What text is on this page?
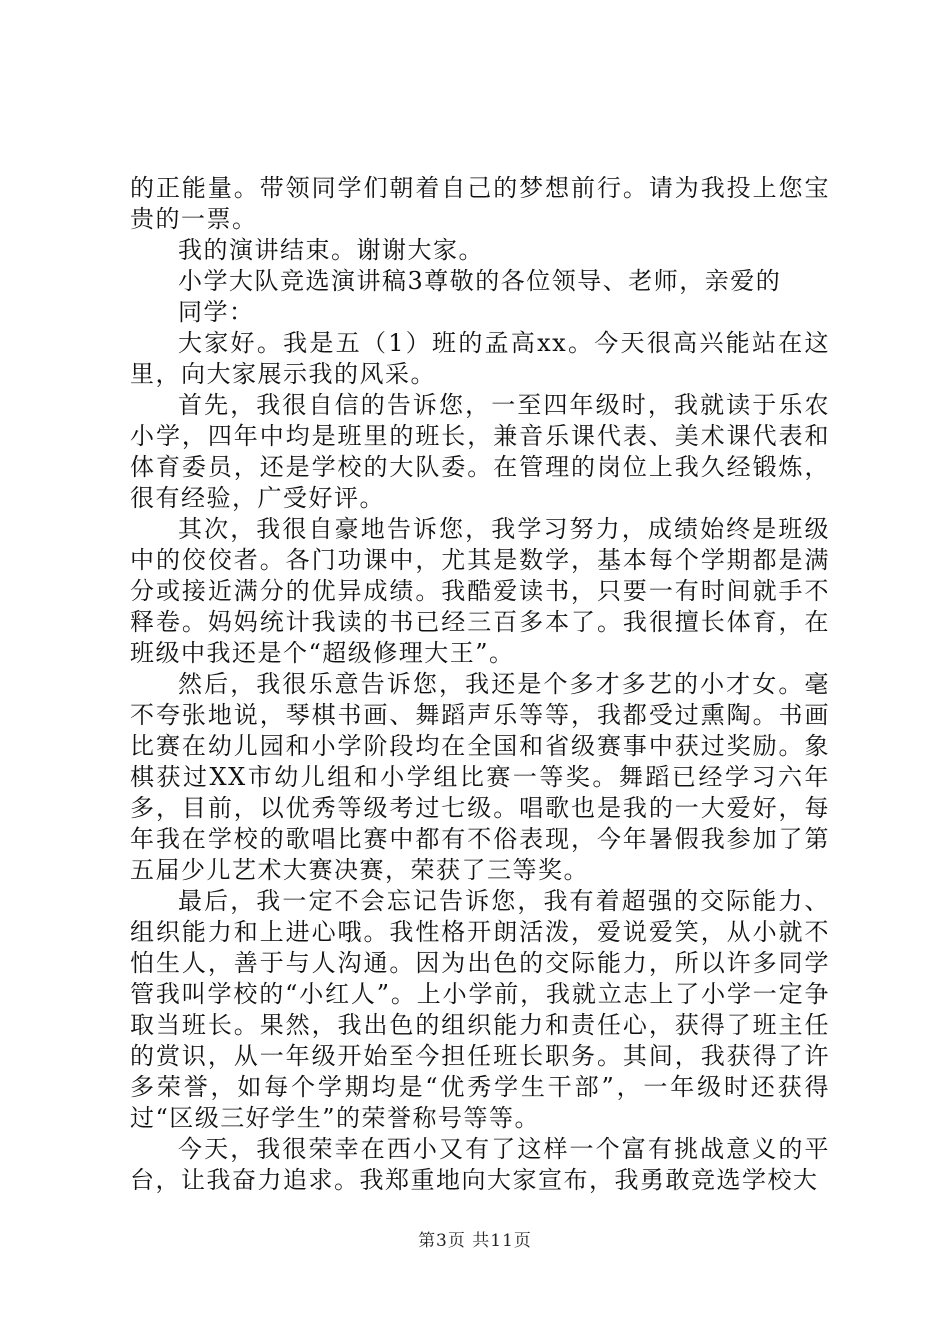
的正能量。带领同学们朝着自己的梦想前行。请为我投上您宝贵的一票。

我的演讲结束。谢谢大家。

小学大队竞选演讲稿3尊敬的各位领导、老师，亲爱的

同学：

大家好。我是五（1）班的孟高xx。今天很高兴能站在这里，向大家展示我的风采。

首先，我很自信的告诉您，一至四年级时，我就读于乐农小学，四年中均是班里的班长，兼音乐课代表、美术课代表和体育委员，还是学校的大队委。在管理的岗位上我久经锻炼，很有经验，广受好评。

其次，我很自豪地告诉您，我学习努力，成绩始终是班级中的佼佼者。各门功课中，尤其是数学，基本每个学期都是满分或接近满分的优异成绩。我酷爱读书，只要一有时间就手不释卷。妈妈统计我读的书已经三百多本了。我很擅长体育，在班级中我还是个“超级修理大王”。

然后，我很乐意告诉您，我还是个多才多艺的小才女。毫不夸张地说，琴棋书画、舞蹈声乐等等，我都受过熏陶。书画比赛在幼儿园和小学阶段均在全国和省级赛事中获过奖励。象棋获过XX市幼儿组和小学组比赛一等奖。舞蹈已经学习六年多，目前，以优秀等级考过七级。唱歌也是我的一大爱好，每年我在学校的歌唱比赛中都有不俗表现，今年暑假我参加了第五届少儿艺术大赛决赛，荣获了三等奖。

最后，我一定不会忘记告诉您，我有着超强的交际能力、组织能力和上进心哦。我性格开朗活泼，爱说爱笑，从小就不怕生人，善于与人沟通。因为出色的交际能力，所以许多同学管我叫学校的“小红人”。上小学前，我就立志上了小学一定争取当班长。果然，我出色的组织能力和责任心，获得了班主任的赏识，从一年级开始至今担任班长职务。其间，我获得了许多荣誉，如每个学期均是“优秀学生干部”，一年级时还获得过“区级三好学生”的荣誉称号等等。

今天，我很荣幸在西小又有了这样一个富有挑战意义的平台，让我奋力追求。我郑重地向大家宣布，我勇敢竞选学校大

第3页 共11页
